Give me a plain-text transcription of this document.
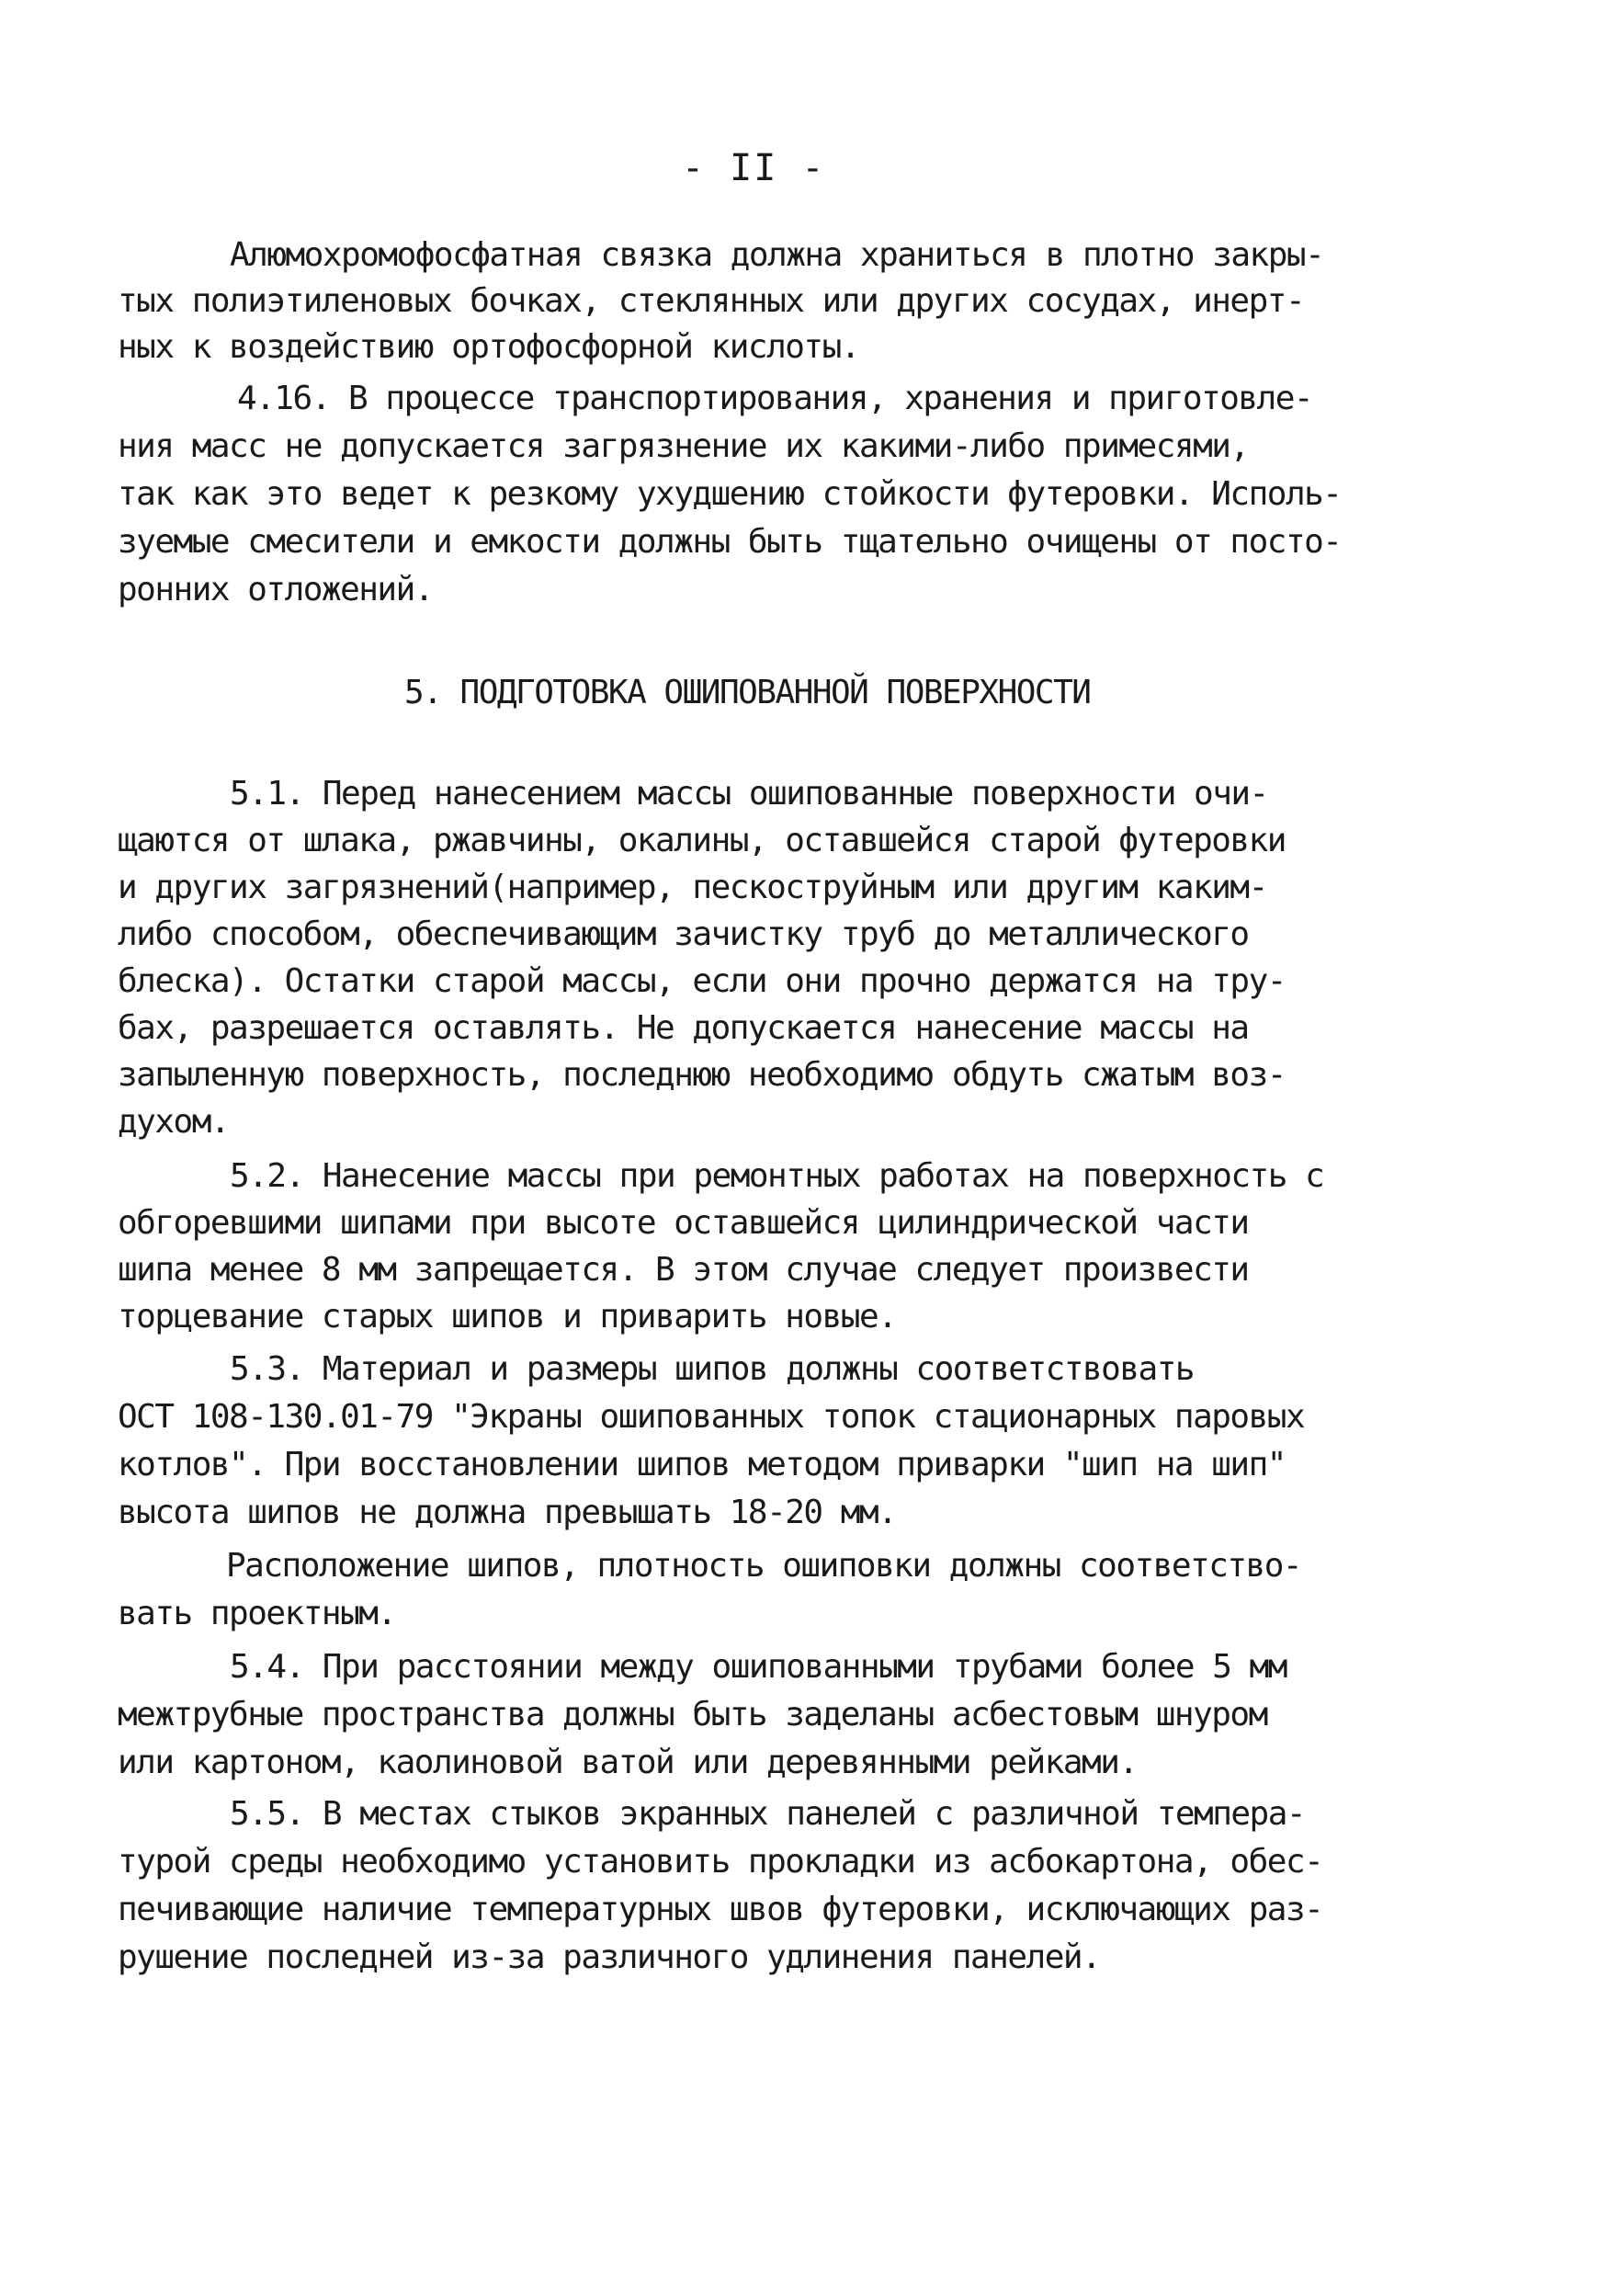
- II -
Алюмохромофосфатная связка должна храниться в плотно закры-
тых полиэтиленовых бочках, стеклянных или других сосудах, инерт-
ных к воздействию ортофосфорной кислоты.
4.16. В процессе транспортирования, хранения и приготовле-
ния масс не допускается загрязнение их какими-либо примесями,
так как это ведет к резкому ухудшению стойкости футеровки. Исполь-
зуемые смесители и емкости должны быть тщательно очищены от посто-
ронних отложений.
5. ПОДГОТОВКА ОШИПОВАННОЙ ПОВЕРХНОСТИ
5.1. Перед нанесением массы ошипованные поверхности очи-
щаются от шлака, ржавчины, окалины, оставшейся старой футеровки
и других загрязнений(например, пескоструйным или другим каким-
либо способом, обеспечивающим зачистку труб до металлического
блеска). Остатки старой массы, если они прочно держатся на тру-
бах, разрешается оставлять. Не допускается нанесение массы на
запыленную поверхность, последнюю необходимо обдуть сжатым воз-
духом.
5.2. Нанесение массы при ремонтных работах на поверхность с
обгоревшими шипами при высоте оставшейся цилиндрической части
шипа менее 8 мм запрещается. В этом случае следует произвести
торцевание старых шипов и приварить новые.
5.3. Материал и размеры шипов должны соответствовать
ОСТ 108-130.01-79 "Экраны ошипованных топок стационарных паровых
котлов". При восстановлении шипов методом приварки "шип на шип"
высота шипов не должна превышать 18-20 мм.
Расположение шипов, плотность ошиповки должны соответство-
вать проектным.
5.4. При расстоянии между ошипованными трубами более 5 мм
межтрубные пространства должны быть заделаны асбестовым шнуром
или картоном, каолиновой ватой или деревянными рейками.
5.5. В местах стыков экранных панелей с различной темпера-
турой среды необходимо установить прокладки из асбокартона, обес-
печивающие наличие температурных швов футеровки, исключающих раз-
рушение последней из-за различного удлинения панелей.
